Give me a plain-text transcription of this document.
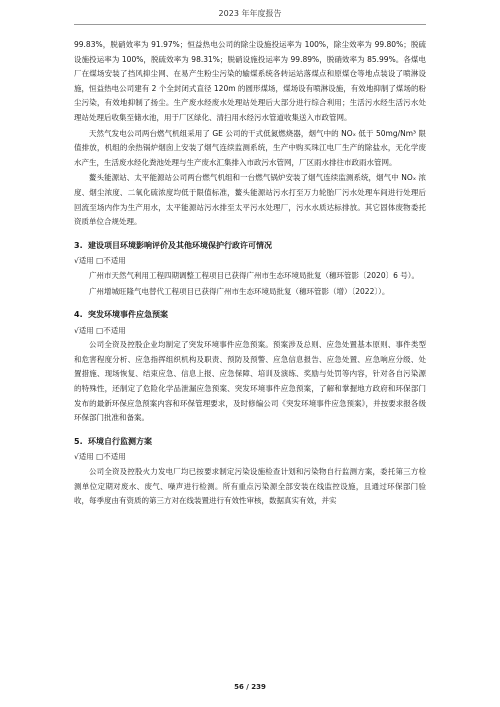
2023 年年度报告

99.83%，脱硝效率为 91.97%；恒益热电公司的除尘设施投运率为 100%，除尘效率为 99.80%；脱硫设施投运率为 100%，脱硫效率为 98.31%；脱硝设施投运率为 99.89%，脱硝效率为 85.99%。各煤电厂在煤场安装了挡风抑尘网、在易产生粉尘污染的输煤系统各转运站落煤点和原煤仓等地点装设了喷淋设施，恒益热电公司建有 2 个全封闭式直径 120m 的圆形煤场，煤场设有喷淋设施，有效地抑制了煤场的粉尘污染，有效地抑制了扬尘。生产废水经废水处理站处理后大部分进行综合利用；生活污水经生活污水处理站处理后收集至储水池，用于厂区绿化、清扫用水经污水管道收集送入市政管网。

天然气发电公司两台燃气机组采用了 GE 公司的干式低氮燃烧器，烟气中的 NOₓ 低于 50mg/Nm³ 限值排放，机组的余热锅炉烟囱上安装了烟气连续监测系统，生产中购买珠江电厂生产的除盐水，无化学废水产生，生活废水经化粪池处理与生产废水汇集排入市政污水管网，厂区雨水排往市政雨水管网。

鳌头能源站、太平能源站公司两台燃气机组和一台燃气锅炉安装了烟气连续监测系统，烟气中 NOₓ 浓度、烟尘浓度、二氧化硫浓度均低于限值标准，鳌头能源站污水打至万力轮胎厂污水处理车间进行处理后回流至场内作为生产用水，太平能源站污水排至太平污水处理厂，污水水质达标排放。其它固体废物委托资质单位合规处理。

3. 建设项目环境影响评价及其他环境保护行政许可情况

√适用 □不适用

广州市天然气利用工程四期调整工程项目已获得广州市生态环境局批复（穗环管影〔2020〕6 号）。

广州增城旺隆气电替代工程项目已获得广州市生态环境局批复（穗环管影（增）〔2022〕）。

4. 突发环境事件应急预案

√适用 □不适用

公司全资及控股企业均制定了突发环境事件应急预案。预案涉及总则、应急处置基本原则、事件类型和危害程度分析、应急指挥组织机构及职责、预防及预警、应急信息报告、应急处置、应急响应分级、处置措施、现场恢复、结束应急、信息上报、应急保障、培训及演练、奖励与处罚等内容，针对各自污染源的特殊性，还制定了危险化学品泄漏应急预案、突发环境事件应急预案，了解和掌握地方政府和环保部门发布的最新环保应急预案内容和环保管理要求，及时修编公司《突发环境事件应急预案》，并按要求报各级环保部门批准和备案。

5. 环境自行监测方案

√适用 □不适用

公司全资及控股火力发电厂均已按要求制定污染设施检查计划和污染物自行监测方案，委托第三方检测单位定期对废水、废气、噪声进行检测。所有重点污染源全部安装在线监控设施，且通过环保部门验收，每季度由有资质的第三方对在线装置进行有效性审核，数据真实有效，并实

56 / 239
